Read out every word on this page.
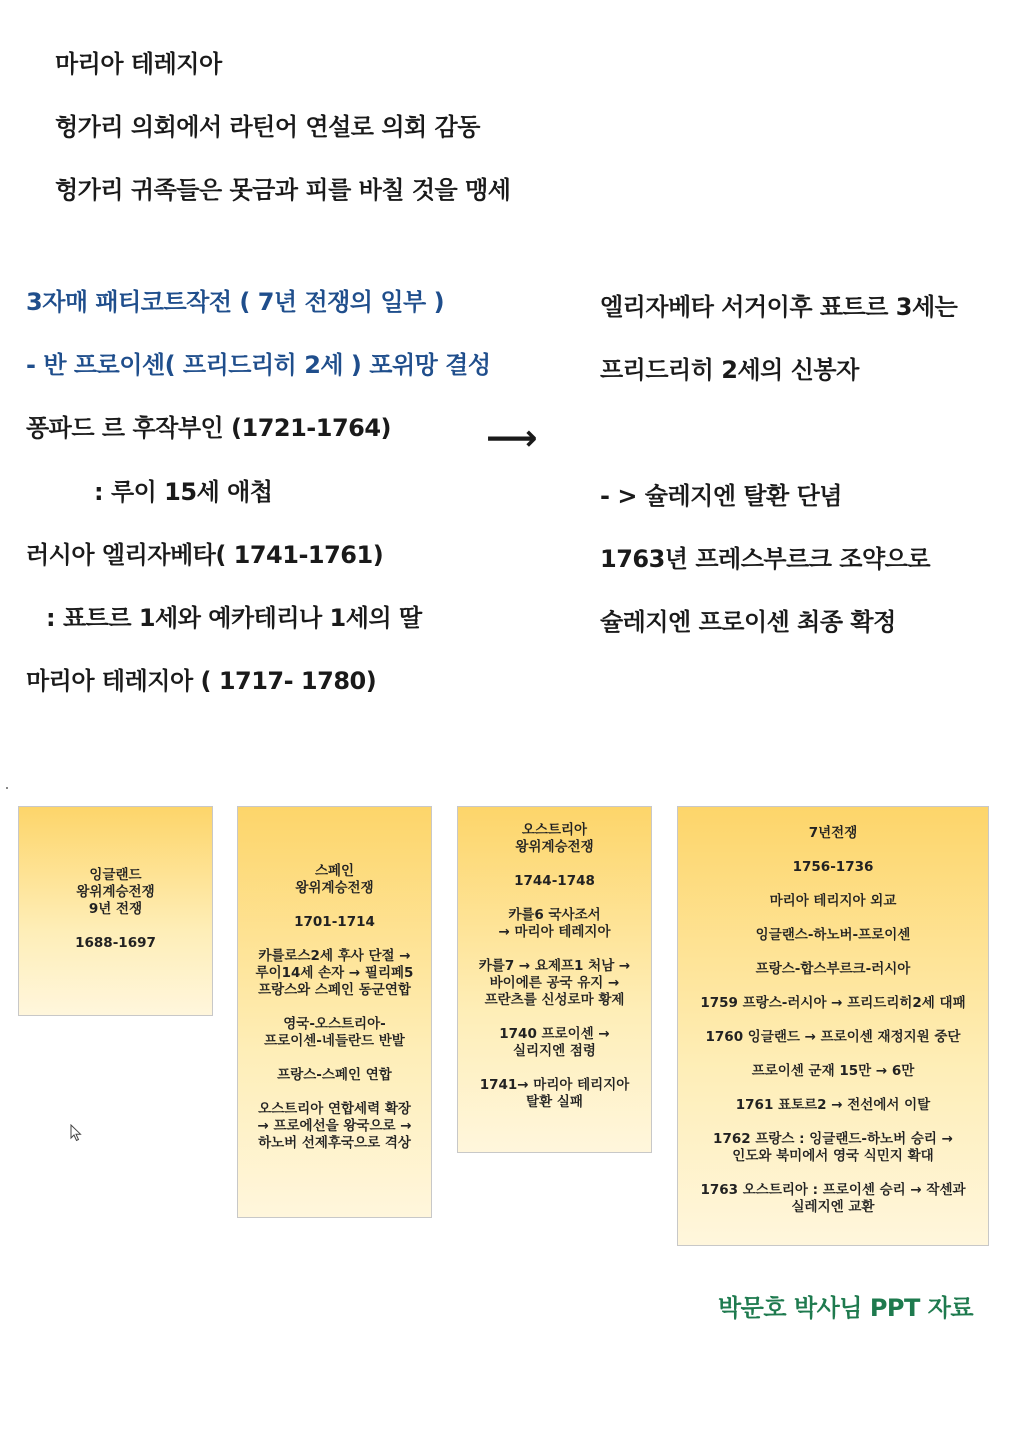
마리아 테레지아
헝가리 의회에서 라틴어 연설로 의회 감동
헝가리 귀족들은 못금과 피를 바칠 것을 맹세
3자매 패티코트작전 ( 7년 전쟁의 일부 )
- 반 프로이센( 프리드리히 2세 ) 포위망 결성
퐁파드 르 후작부인 (1721-1764)
: 루이 15세 애첩
러시아 엘리자베타( 1741-1761)
: 표트르 1세와 예카테리나 1세의 딸
마리아 테레지아 ( 1717- 1780)
⟶
엘리자베타 서거이후 표트르 3세는
프리드리히 2세의 신봉자
- > 슐레지엔 탈환 단념
1763년 프레스부르크 조약으로
슐레지엔 프로이센 최종 확정
잉글랜드
왕위계승전쟁
9년 전쟁
1688-1697
스페인
왕위계승전쟁
1701-1714
카를로스2세 후사 단절 →
루이14세 손자 → 필리페5
프랑스와 스페인 동군연합
영국-오스트리아-
프로이센-네들란드 반발
프랑스-스페인 연합
오스트리아 연합세력 확장
→ 프로에선을 왕국으로 →
하노버 선제후국으로 격상
오스트리아
왕위계승전쟁
1744-1748
카를6 국사조서
→ 마리아 테레지아
카를7 → 요제프1 처남 →
바이에른 공국 유지 →
프란츠를 신성로마 황제
1740 프로이센 →
실리지엔 점령
1741→ 마리아 테리지아
탈환 실패
7년전쟁
1756-1736
마리아 테리지아 외교
잉글랜스-하노버-프로이센
프랑스-합스부르크-러시아
1759 프랑스-러시아 → 프리드리히2세 대패
1760 잉글랜드 → 프로이센 재정지원 중단
프로이센 군재 15만 → 6만
1761 표토르2 → 전선에서 이탈
1762 프랑스 : 잉글랜드-하노버 승리 →
인도와 북미에서 영국 식민지 확대
1763 오스트리아 : 프로이센 승리 → 작센과
실레지엔 교환
박문호 박사님 PPT 자료
